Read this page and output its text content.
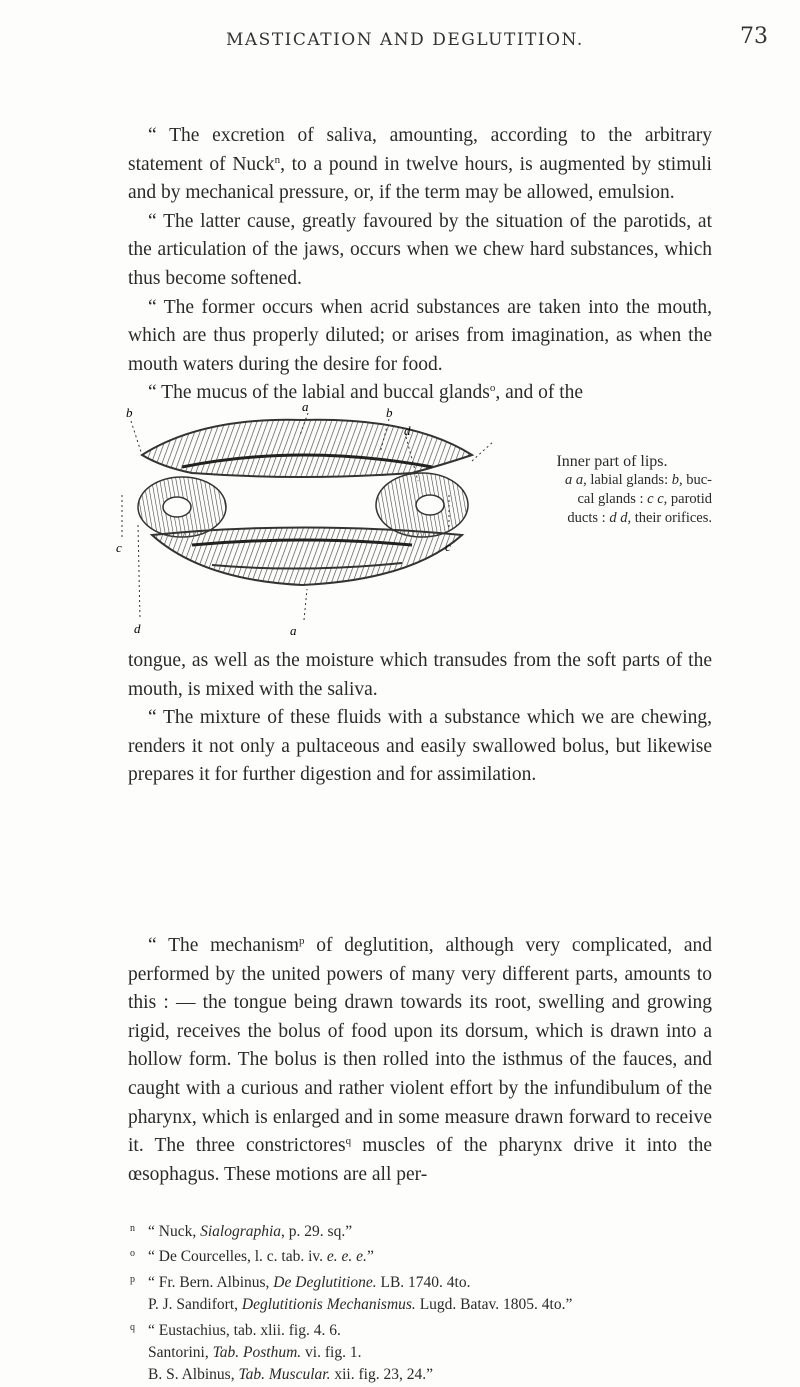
MASTICATION AND DEGLUTITION.	73

“ The excretion of saliva, amounting, according to the arbitrary statement of Nuck$^n$, to a pound in twelve hours, is augmented by stimuli and by mechanical pressure, or, if the term may be allowed, emulsion.

“ The latter cause, greatly favoured by the situation of the parotids, at the articulation of the jaws, occurs when we chew hard substances, which thus become softened.

“ The former occurs when acrid substances are taken into the mouth, which are thus properly diluted; or arises from imagination, as when the mouth waters during the desire for food.

“ The mucus of the labial and buccal glands$^o$, and of the

b	a	b
d
c	c
d	a
Inner part of lips.
a a, labial glands: b, buc-
cal glands : c c, parotid
ducts : d d, their orifices.

tongue, as well as the moisture which transudes from the soft parts of the mouth, is mixed with the saliva.

“ The mixture of these fluids with a substance which we are chewing, renders it not only a pultaceous and easily swallowed bolus, but likewise prepares it for further digestion and for assimilation.

“ The mechanism$^p$ of deglutition, although very complicated, and performed by the united powers of many very different parts, amounts to this : — the tongue being drawn towards its root, swelling and growing rigid, receives the bolus of food upon its dorsum, which is drawn into a hollow form. The bolus is then rolled into the isthmus of the fauces, and caught with a curious and rather violent effort by the infundibulum of the pharynx, which is enlarged and in some measure drawn forward to receive it. The three constrictores$^q$ muscles of the pharynx drive it into the œsophagus. These motions are all per-

n “ Nuck, Sialographia, p. 29. sq.”
o “ De Courcelles, l. c. tab. iv. e. e. e.”
p “ Fr. Bern. Albinus, De Deglutitione. LB. 1740. 4to.
P. J. Sandifort, Deglutitionis Mechanismus. Lugd. Batav. 1805. 4to.”
q “ Eustachius, tab. xlii. fig. 4. 6.
Santorini, Tab. Posthum. vi. fig. 1.
B. S. Albinus, Tab. Muscular. xii. fig. 23, 24.”
